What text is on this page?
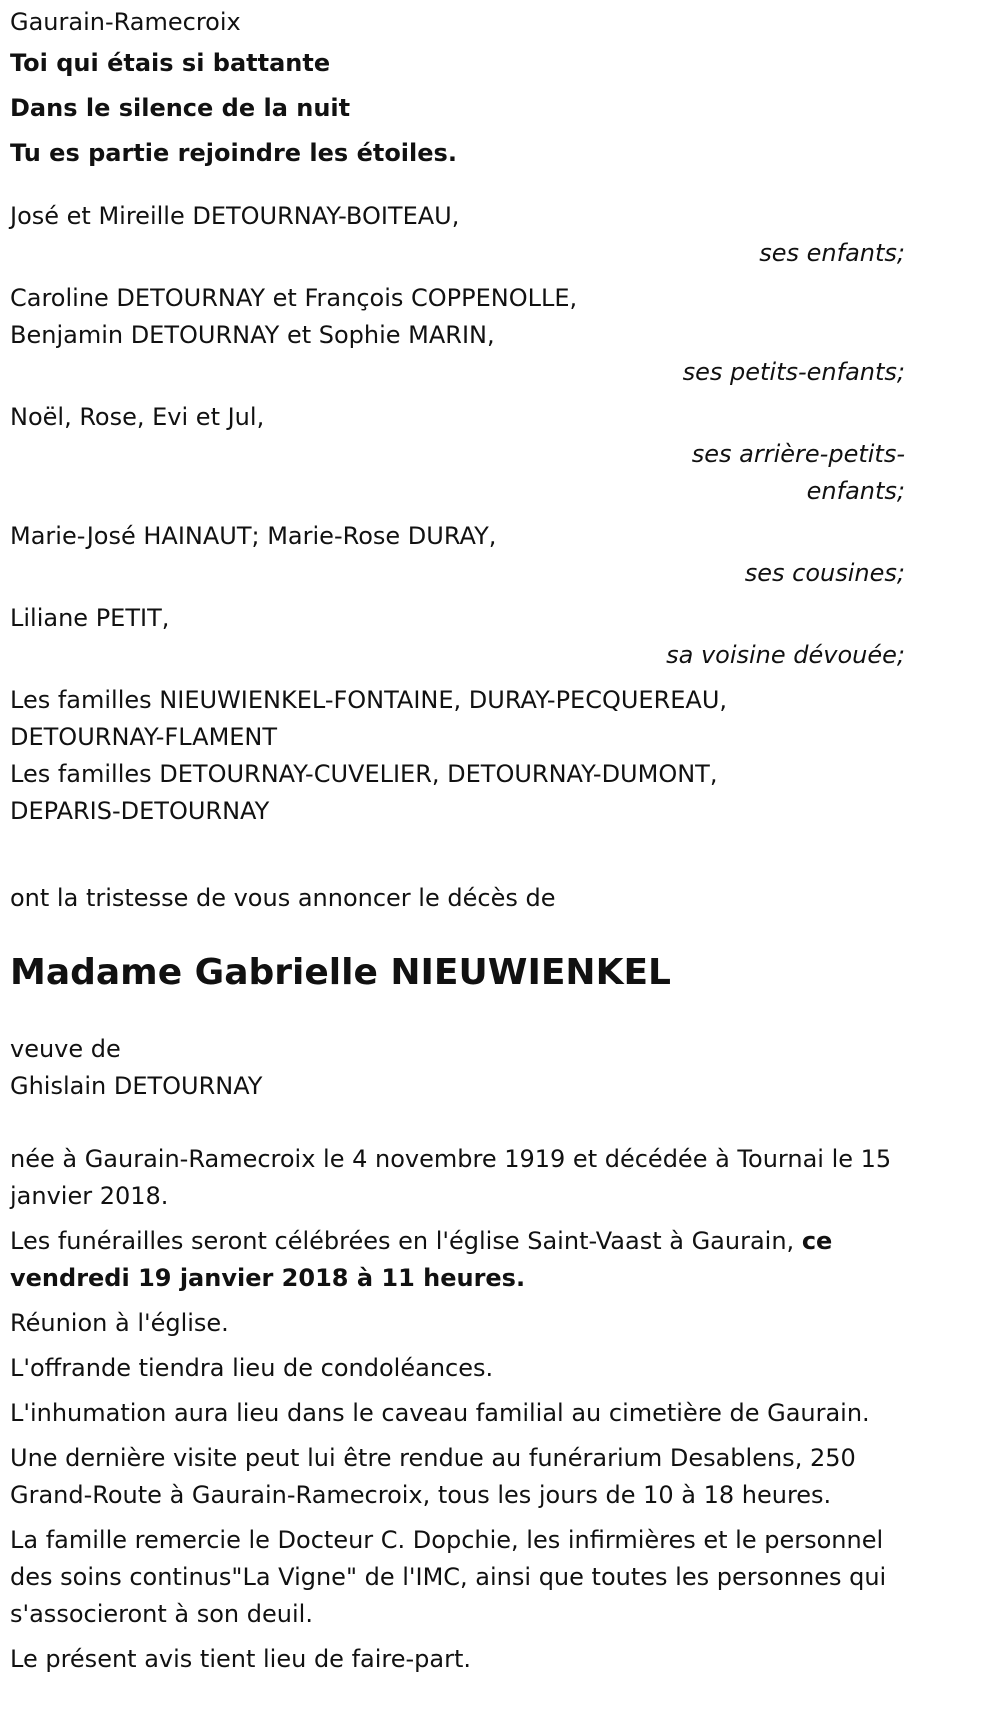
Gaurain-Ramecroix

Toi qui étais si battante

Dans le silence de la nuit

Tu es partie rejoindre les étoiles.

José et Mireille DETOURNAY-BOITEAU,

ses enfants;

Caroline DETOURNAY et François COPPENOLLE,

Benjamin DETOURNAY et Sophie MARIN,

ses petits-enfants;

Noël, Rose, Evi et Jul,

ses arrière-petits-

enfants;

Marie-José HAINAUT; Marie-Rose DURAY,

ses cousines;

Liliane PETIT,

sa voisine dévouée;

Les familles NIEUWIENKEL-FONTAINE, DURAY-PECQUEREAU,

DETOURNAY-FLAMENT

Les familles DETOURNAY-CUVELIER, DETOURNAY-DUMONT,

DEPARIS-DETOURNAY

ont la tristesse de vous annoncer le décès de

Madame Gabrielle NIEUWIENKEL

veuve de

Ghislain DETOURNAY

née à Gaurain-Ramecroix le 4 novembre 1919 et décédée à Tournai le 15

janvier 2018.

Les funérailles seront célébrées en l'église Saint-Vaast à Gaurain, ce

vendredi 19 janvier 2018 à 11 heures.

Réunion à l'église.

L'offrande tiendra lieu de condoléances.

L'inhumation aura lieu dans le caveau familial au cimetière de Gaurain.

Une dernière visite peut lui être rendue au funérarium Desablens, 250

Grand-Route à Gaurain-Ramecroix, tous les jours de 10 à 18 heures.

La famille remercie le Docteur C. Dopchie, les infirmières et le personnel

des soins continus"La Vigne" de l'IMC, ainsi que toutes les personnes qui

s'associeront à son deuil.

Le présent avis tient lieu de faire-part.
